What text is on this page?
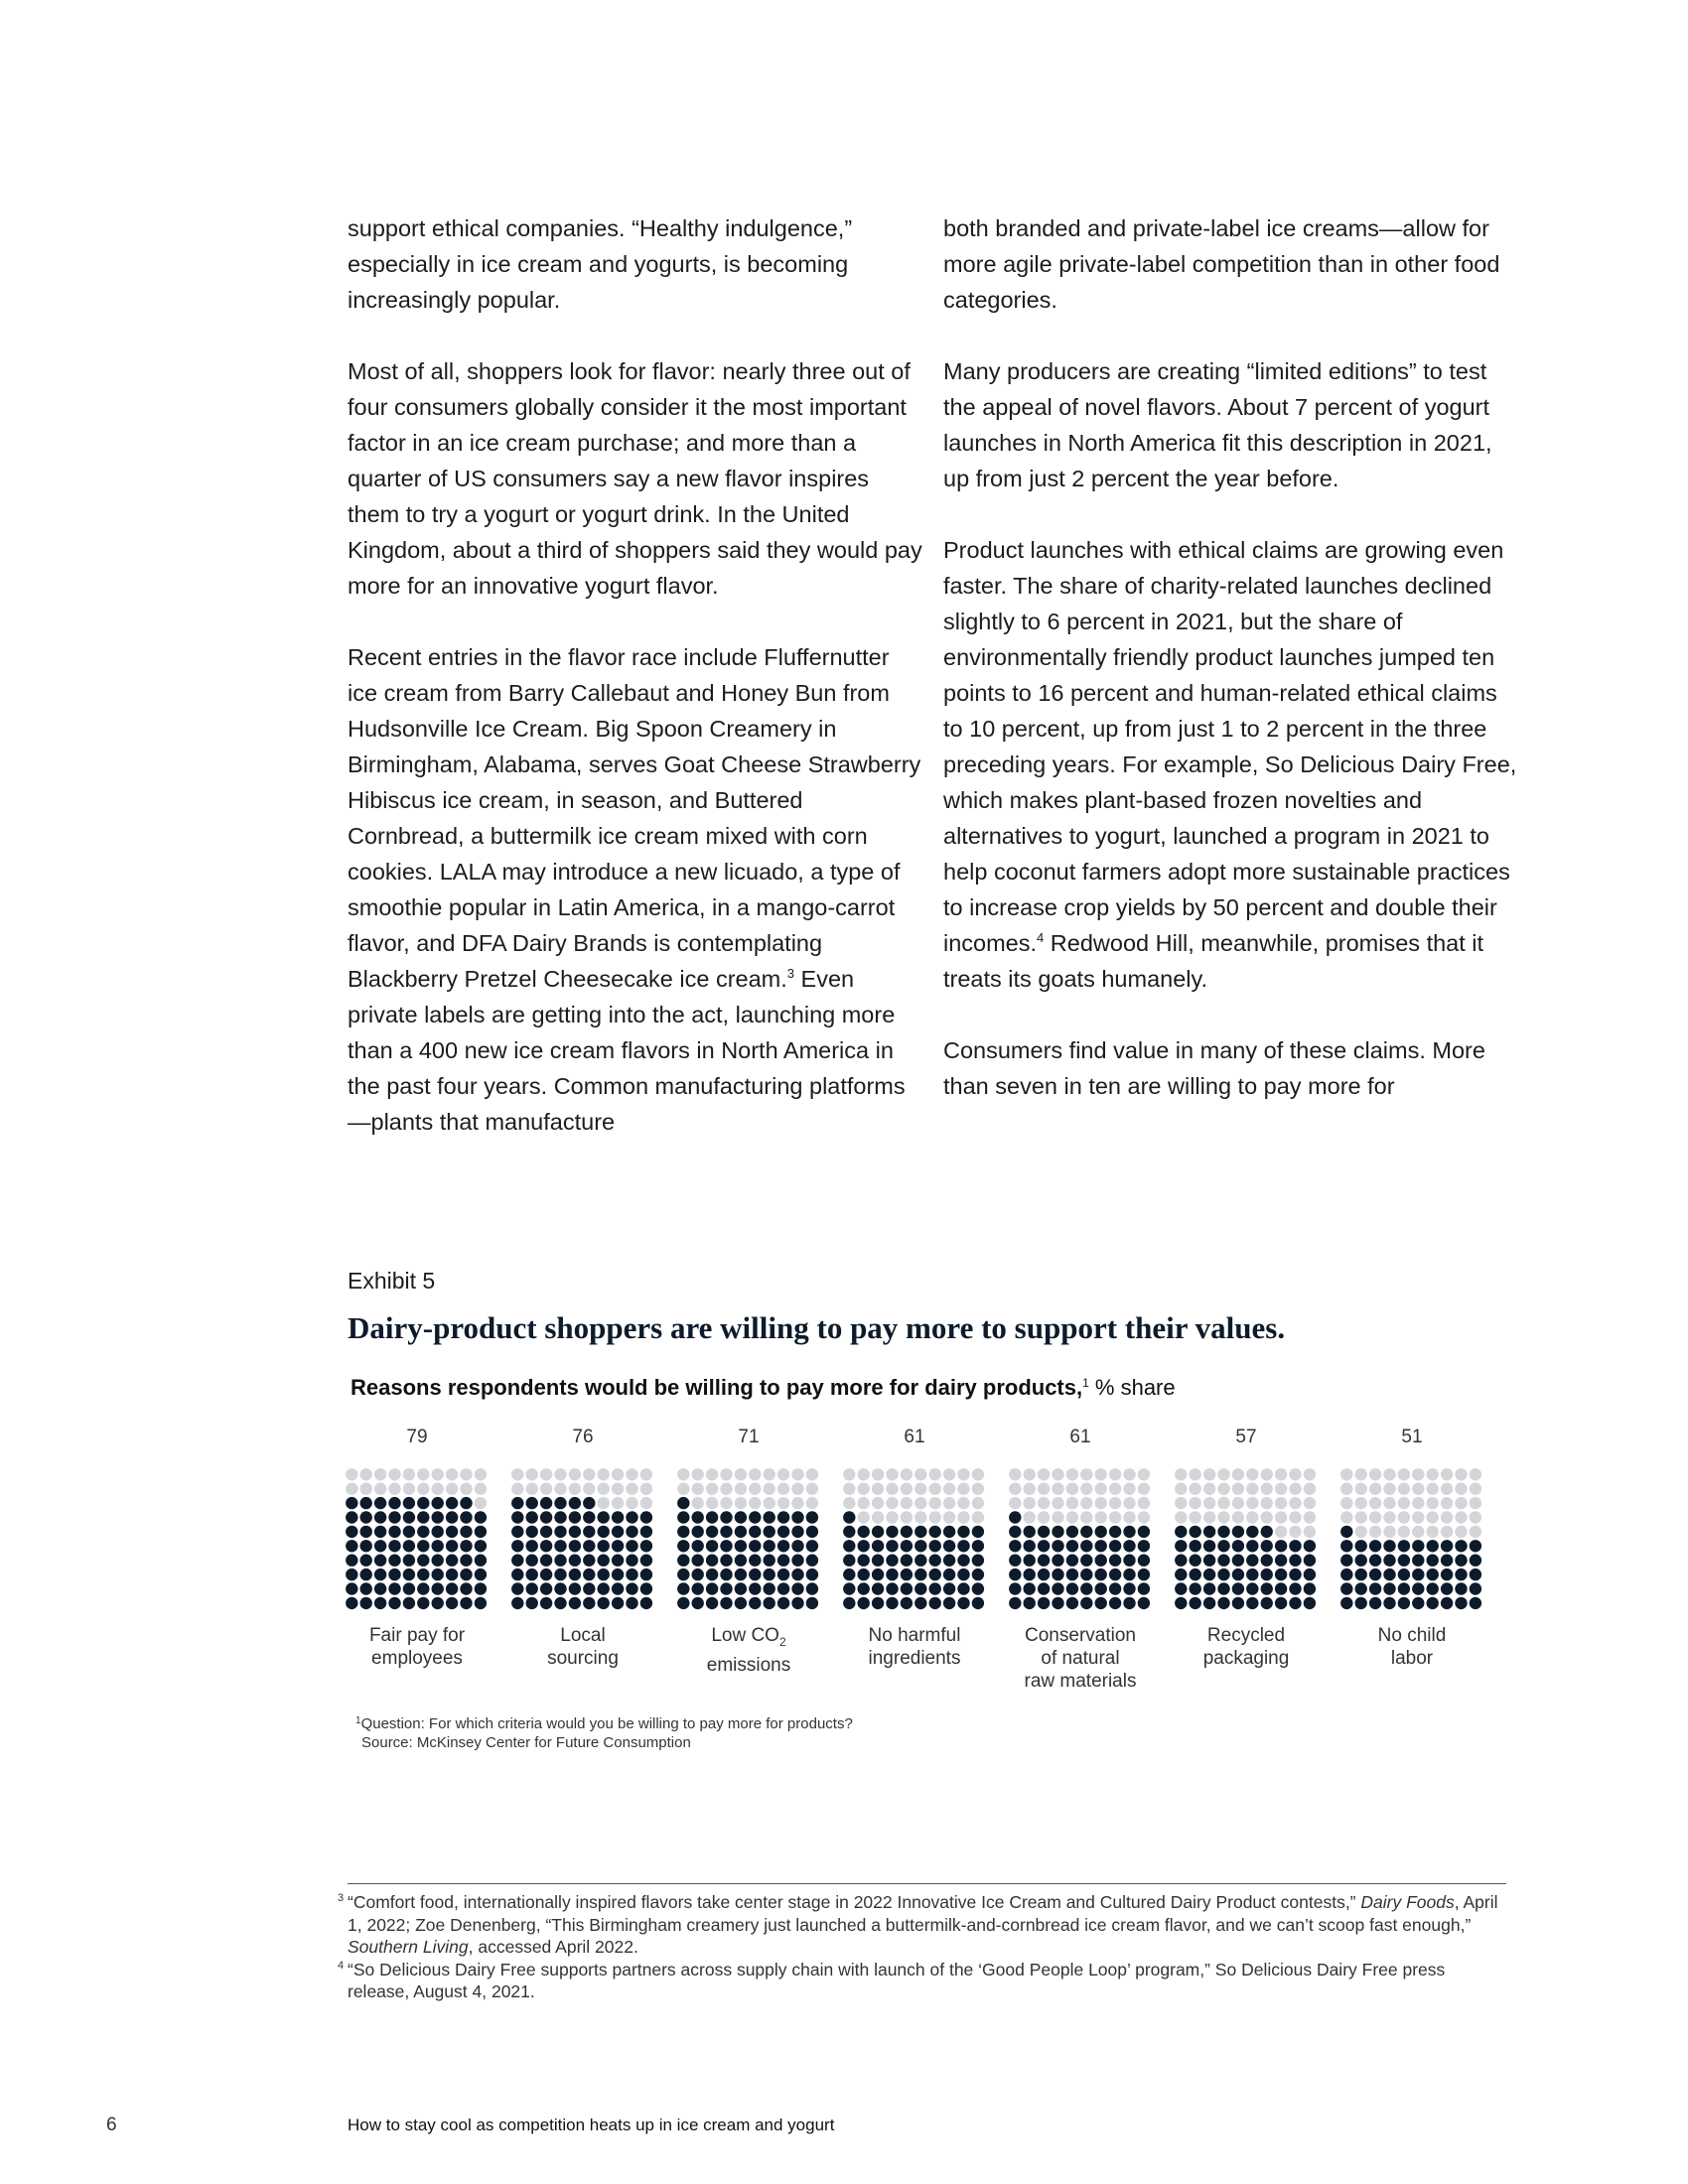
support ethical companies. “Healthy indulgence,” especially in ice cream and yogurts, is becoming increasingly popular.

Most of all, shoppers look for flavor: nearly three out of four consumers globally consider it the most important factor in an ice cream purchase; and more than a quarter of US consumers say a new flavor inspires them to try a yogurt or yogurt drink. In the United Kingdom, about a third of shoppers said they would pay more for an innovative yogurt flavor.

Recent entries in the flavor race include Fluffernutter ice cream from Barry Callebaut and Honey Bun from Hudsonville Ice Cream. Big Spoon Creamery in Birmingham, Alabama, serves Goat Cheese Strawberry Hibiscus ice cream, in season, and Buttered Cornbread, a buttermilk ice cream mixed with corn cookies. LALA may introduce a new licuado, a type of smoothie popular in Latin America, in a mango-carrot flavor, and DFA Dairy Brands is contemplating Blackberry Pretzel Cheesecake ice cream.$^3$ Even private labels are getting into the act, launching more than a 400 new ice cream flavors in North America in the past four years. Common manufacturing platforms—plants that manufacture

both branded and private-label ice creams—allow for more agile private-label competition than in other food categories.

Many producers are creating “limited editions” to test the appeal of novel flavors. About 7 percent of yogurt launches in North America fit this description in 2021, up from just 2 percent the year before.

Product launches with ethical claims are growing even faster. The share of charity-related launches declined slightly to 6 percent in 2021, but the share of environmentally friendly product launches jumped ten points to 16 percent and human-related ethical claims to 10 percent, up from just 1 to 2 percent in the three preceding years. For example, So Delicious Dairy Free, which makes plant-based frozen novelties and alternatives to yogurt, launched a program in 2021 to help coconut farmers adopt more sustainable practices to increase crop yields by 50 percent and double their incomes.$^4$ Redwood Hill, meanwhile, promises that it treats its goats humanely.

Consumers find value in many of these claims. More than seven in ten are willing to pay more for

Exhibit 5
Dairy-product shoppers are willing to pay more to support their values.
Reasons respondents would be willing to pay more for dairy products,$^1$ % share
79
Fair pay for
employees
76
Local
sourcing
71
Low $CO_2$
emissions
61
No harmful
ingredients
61
Conservation
of natural
raw materials
57
Recycled
packaging
51
No child
labor
$^1$Question: For which criteria would you be willing to pay more for products?
Source: McKinsey Center for Future Consumption
3 “Comfort food, internationally inspired flavors take center stage in 2022 Innovative Ice Cream and Cultured Dairy Product contests,” Dairy Foods, April 1, 2022; Zoe Denenberg, “This Birmingham creamery just launched a buttermilk-and-cornbread ice cream flavor, and we can’t scoop fast enough,” Southern Living, accessed April 2022.
4 “So Delicious Dairy Free supports partners across supply chain with launch of the ‘Good People Loop’ program,” So Delicious Dairy Free press release, August 4, 2021.
6	How to stay cool as competition heats up in ice cream and yogurt
